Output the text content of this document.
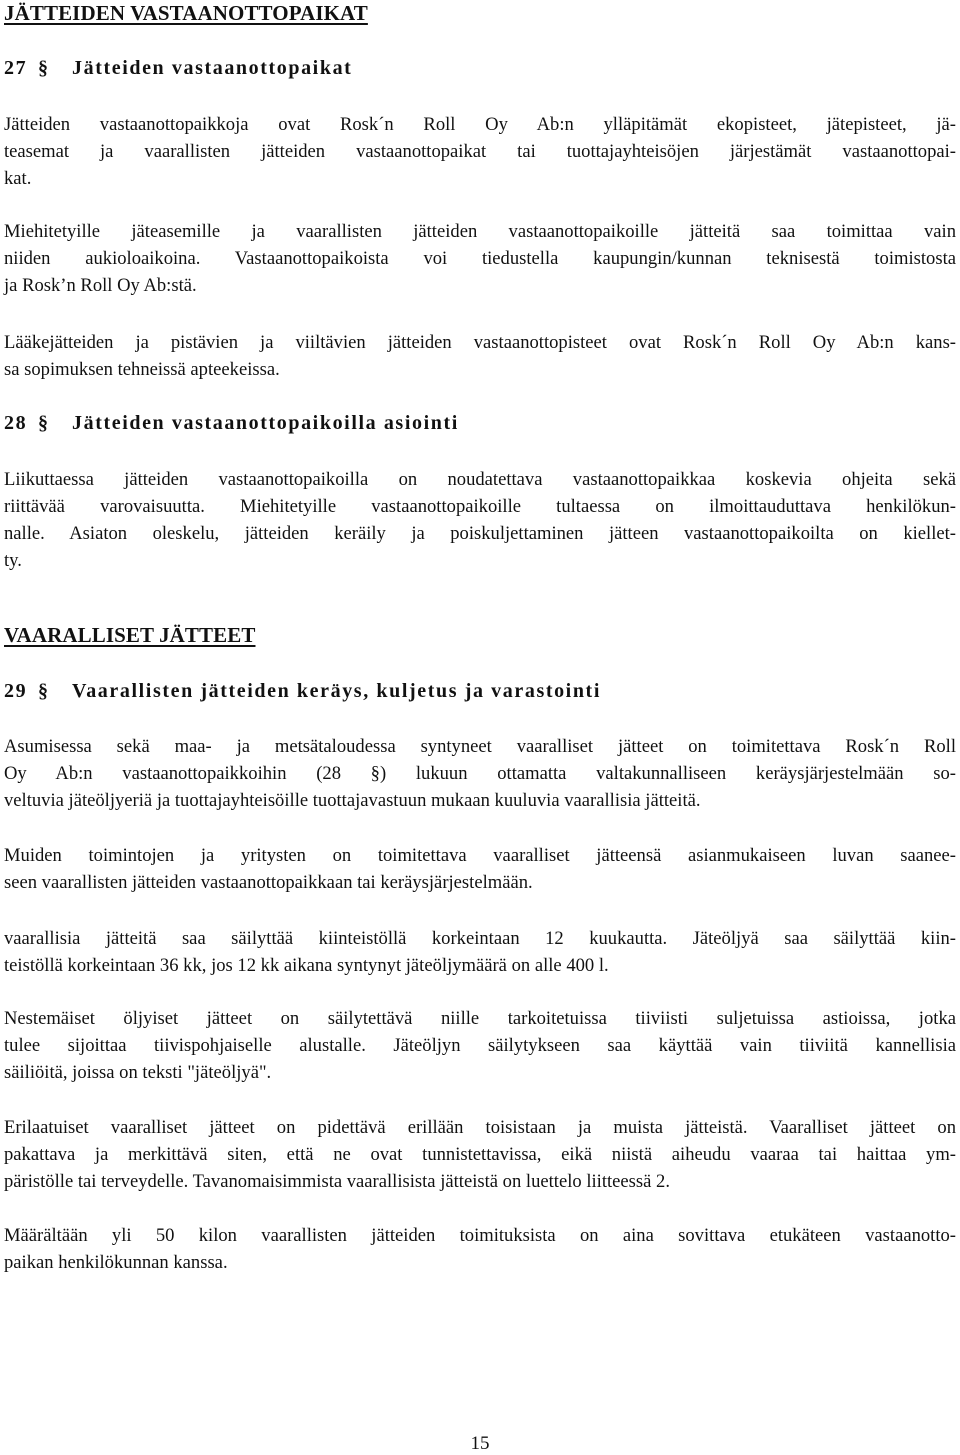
JÄTTEIDEN VASTAANOTTOPAIKAT
27 § Jätteiden vastaanottopaikat
Jätteiden vastaanottopaikkoja ovat Rosk´n Roll Oy Ab:n ylläpitämät ekopisteet, jätepisteet, jä-
teasemat ja vaarallisten jätteiden vastaanottopaikat tai tuottajayhteisöjen järjestämät vastaanottopai-
kat.
Miehitetyille jäteasemille ja vaarallisten jätteiden vastaanottopaikoille jätteitä saa toimittaa vain
niiden aukioloaikoina. Vastaanottopaikoista voi tiedustella kaupungin/kunnan teknisestä toimistosta
ja Rosk’n Roll Oy Ab:stä.
Lääkejätteiden ja pistävien ja viiltävien jätteiden vastaanottopisteet ovat Rosk´n Roll Oy Ab:n kans-
sa sopimuksen tehneissä apteekeissa.
28 § Jätteiden vastaanottopaikoilla asiointi
Liikuttaessa jätteiden vastaanottopaikoilla on noudatettava vastaanottopaikkaa koskevia ohjeita sekä
riittävää varovaisuutta. Miehitetyille vastaanottopaikoille tultaessa on ilmoittauduttava henkilökun-
nalle. Asiaton oleskelu, jätteiden keräily ja poiskuljettaminen jätteen vastaanottopaikoilta on kiellet-
ty.
VAARALLISET JÄTTEET
29 § Vaarallisten jätteiden keräys, kuljetus ja varastointi
Asumisessa sekä maa- ja metsätaloudessa syntyneet vaaralliset jätteet on toimitettava Rosk´n Roll
Oy Ab:n vastaanottopaikkoihin (28 §) lukuun ottamatta valtakunnalliseen keräysjärjestelmään so-
veltuvia jäteöljyeriä ja tuottajayhteisöille tuottajavastuun mukaan kuuluvia vaarallisia jätteitä.
Muiden toimintojen ja yritysten on toimitettava vaaralliset jätteensä asianmukaiseen luvan saanee-
seen vaarallisten jätteiden vastaanottopaikkaan tai keräysjärjestelmään.
vaarallisia jätteitä saa säilyttää kiinteistöllä korkeintaan 12 kuukautta. Jäteöljyä saa säilyttää kiin-
teistöllä korkeintaan 36 kk, jos 12 kk aikana syntynyt jäteöljymäärä on alle 400 l.
Nestemäiset öljyiset jätteet on säilytettävä niille tarkoitetuissa tiiviisti suljetuissa astioissa, jotka
tulee sijoittaa tiivispohjaiselle alustalle. Jäteöljyn säilytykseen saa käyttää vain tiiviitä kannellisia
säiliöitä, joissa on teksti "jäteöljyä".
Erilaatuiset vaaralliset jätteet on pidettävä erillään toisistaan ja muista jätteistä. Vaaralliset jätteet on
pakattava ja merkittävä siten, että ne ovat tunnistettavissa, eikä niistä aiheudu vaaraa tai haittaa ym-
päristölle tai terveydelle. Tavanomaisimmista vaarallisista jätteistä on luettelo liitteessä 2.
Määrältään yli 50 kilon vaarallisten jätteiden toimituksista on aina sovittava etukäteen vastaanotto-
paikan henkilökunnan kanssa.
15
